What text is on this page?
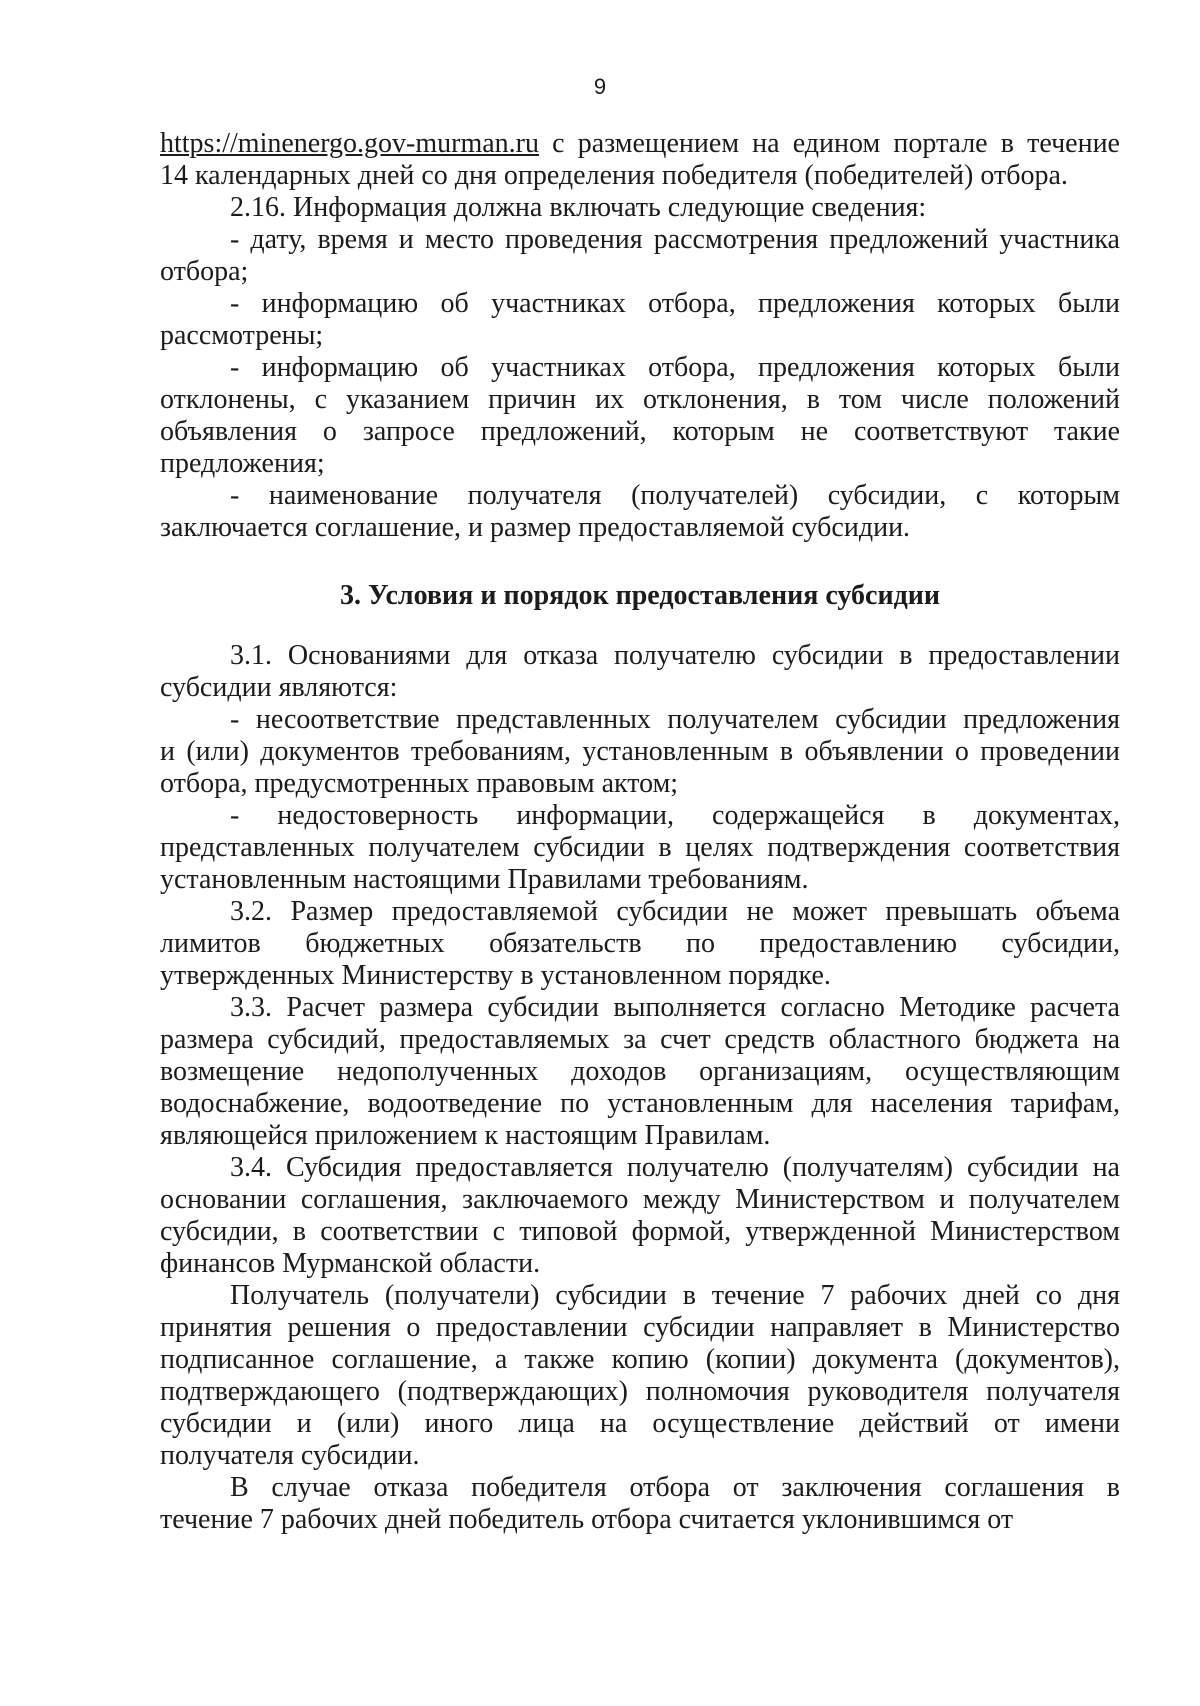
9
https://minenergo.gov-murman.ru с размещением на едином портале в течение
14 календарных дней со дня определения победителя (победителей) отбора.
2.16. Информация должна включать следующие сведения:
- дату, время и место проведения рассмотрения предложений участника
отбора;
- информацию об участниках отбора, предложения которых были
рассмотрены;
- информацию об участниках отбора, предложения которых были
отклонены, с указанием причин их отклонения, в том числе положений
объявления о запросе предложений, которым не соответствуют такие
предложения;
- наименование получателя (получателей) субсидии, с которым
заключается соглашение, и размер предоставляемой субсидии.
3. Условия и порядок предоставления субсидии
3.1. Основаниями для отказа получателю субсидии в предоставлении
субсидии являются:
- несоответствие представленных получателем субсидии предложения
и (или) документов требованиям, установленным в объявлении о проведении
отбора, предусмотренных правовым актом;
- недостоверность информации, содержащейся в документах,
представленных получателем субсидии в целях подтверждения соответствия
установленным настоящими Правилами требованиям.
3.2. Размер предоставляемой субсидии не может превышать объема
лимитов бюджетных обязательств по предоставлению субсидии,
утвержденных Министерству в установленном порядке.
3.3. Расчет размера субсидии выполняется согласно Методике расчета
размера субсидий, предоставляемых за счет средств областного бюджета на
возмещение недополученных доходов организациям, осуществляющим
водоснабжение, водоотведение по установленным для населения тарифам,
являющейся приложением к настоящим Правилам.
3.4. Субсидия предоставляется получателю (получателям) субсидии на
основании соглашения, заключаемого между Министерством и получателем
субсидии, в соответствии с типовой формой, утвержденной Министерством
финансов Мурманской области.
Получатель (получатели) субсидии в течение 7 рабочих дней со дня
принятия решения о предоставлении субсидии направляет в Министерство
подписанное соглашение, а также копию (копии) документа (документов),
подтверждающего (подтверждающих) полномочия руководителя получателя
субсидии и (или) иного лица на осуществление действий от имени
получателя субсидии.
В случае отказа победителя отбора от заключения соглашения в
течение 7 рабочих дней победитель отбора считается уклонившимся от
